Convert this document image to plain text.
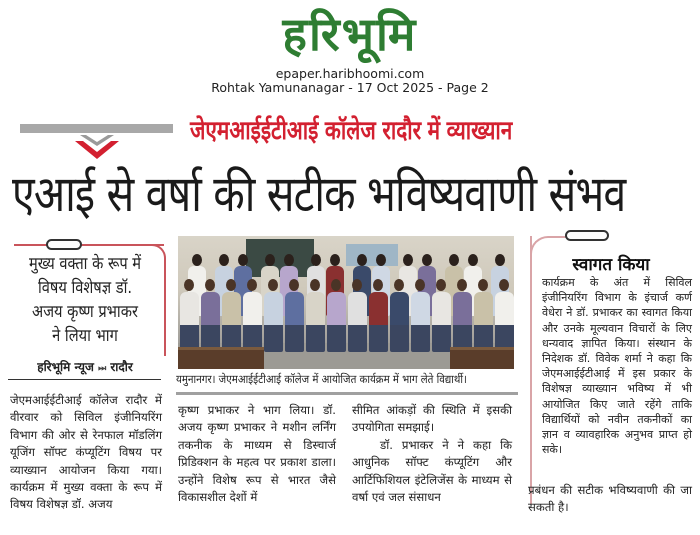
हरिभूमि
epaper.haribhoomi.com
Rohtak Yamunanagar - 17 Oct 2025 - Page 2
जेएमआईईटीआई कॉलेज रादौर में व्याख्यान
एआई से वर्षा की सटीक भविष्यवाणी संभव
मुख्य वक्ता के रूप में
विषय विशेषज्ञ डॉ.
अजय कृष्ण प्रभाकर
ने लिया भाग
हरिभूमि न्यूज ⏭ रादौर
यमुनानगर। जेएमआईईटीआई कॉलेज में आयोजित कार्यक्रम में भाग लेते विद्यार्थी।
स्वागत किया
कार्यक्रम के अंत में सिविल इंजीनियरिंग विभाग के इंचार्ज कर्ण वेधेरा ने डॉ. प्रभाकर का स्वागत किया और उनके मूल्यवान विचारों के लिए धन्यवाद ज्ञापित किया। संस्थान के निदेशक डॉ. विवेक शर्मा ने कहा कि जेएमआईईटीआई में इस प्रकार के विशेषज्ञ व्याख्यान भविष्य में भी आयोजित किए जाते रहेंगे ताकि विद्यार्थियों को नवीन तकनीकों का ज्ञान व व्यावहारिक अनुभव प्राप्त हो सके।
जेएमआईईटीआई कॉलेज रादौर में वीरवार को सिविल इंजीनियरिंग विभाग की ओर से रेनफाल मॉडलिंग यूजिंग सॉफ्ट कंप्यूटिंग विषय पर व्याख्यान आयोजन किया गया। कार्यक्रम में मुख्य वक्ता के रूप में विषय विशेषज्ञ डॉ. अजय
कृष्ण प्रभाकर ने भाग लिया। डॉ. अजय कृष्ण प्रभाकर ने मशीन लर्निंग तकनीक के माध्यम से डिस्चार्ज प्रिडिक्शन के महत्व पर प्रकाश डाला। उन्होंने विशेष रूप से भारत जैसे विकासशील देशों में
सीमित आंकड़ों की स्थिति में इसकी उपयोगिता समझाई।
डॉ. प्रभाकर ने ने कहा कि आधुनिक सॉफ्ट कंप्यूटिंग और आर्टिफिशियल इंटेलिजेंस के माध्यम से वर्षा एवं जल संसाधन
प्रबंधन की सटीक भविष्यवाणी की जा सकती है।
